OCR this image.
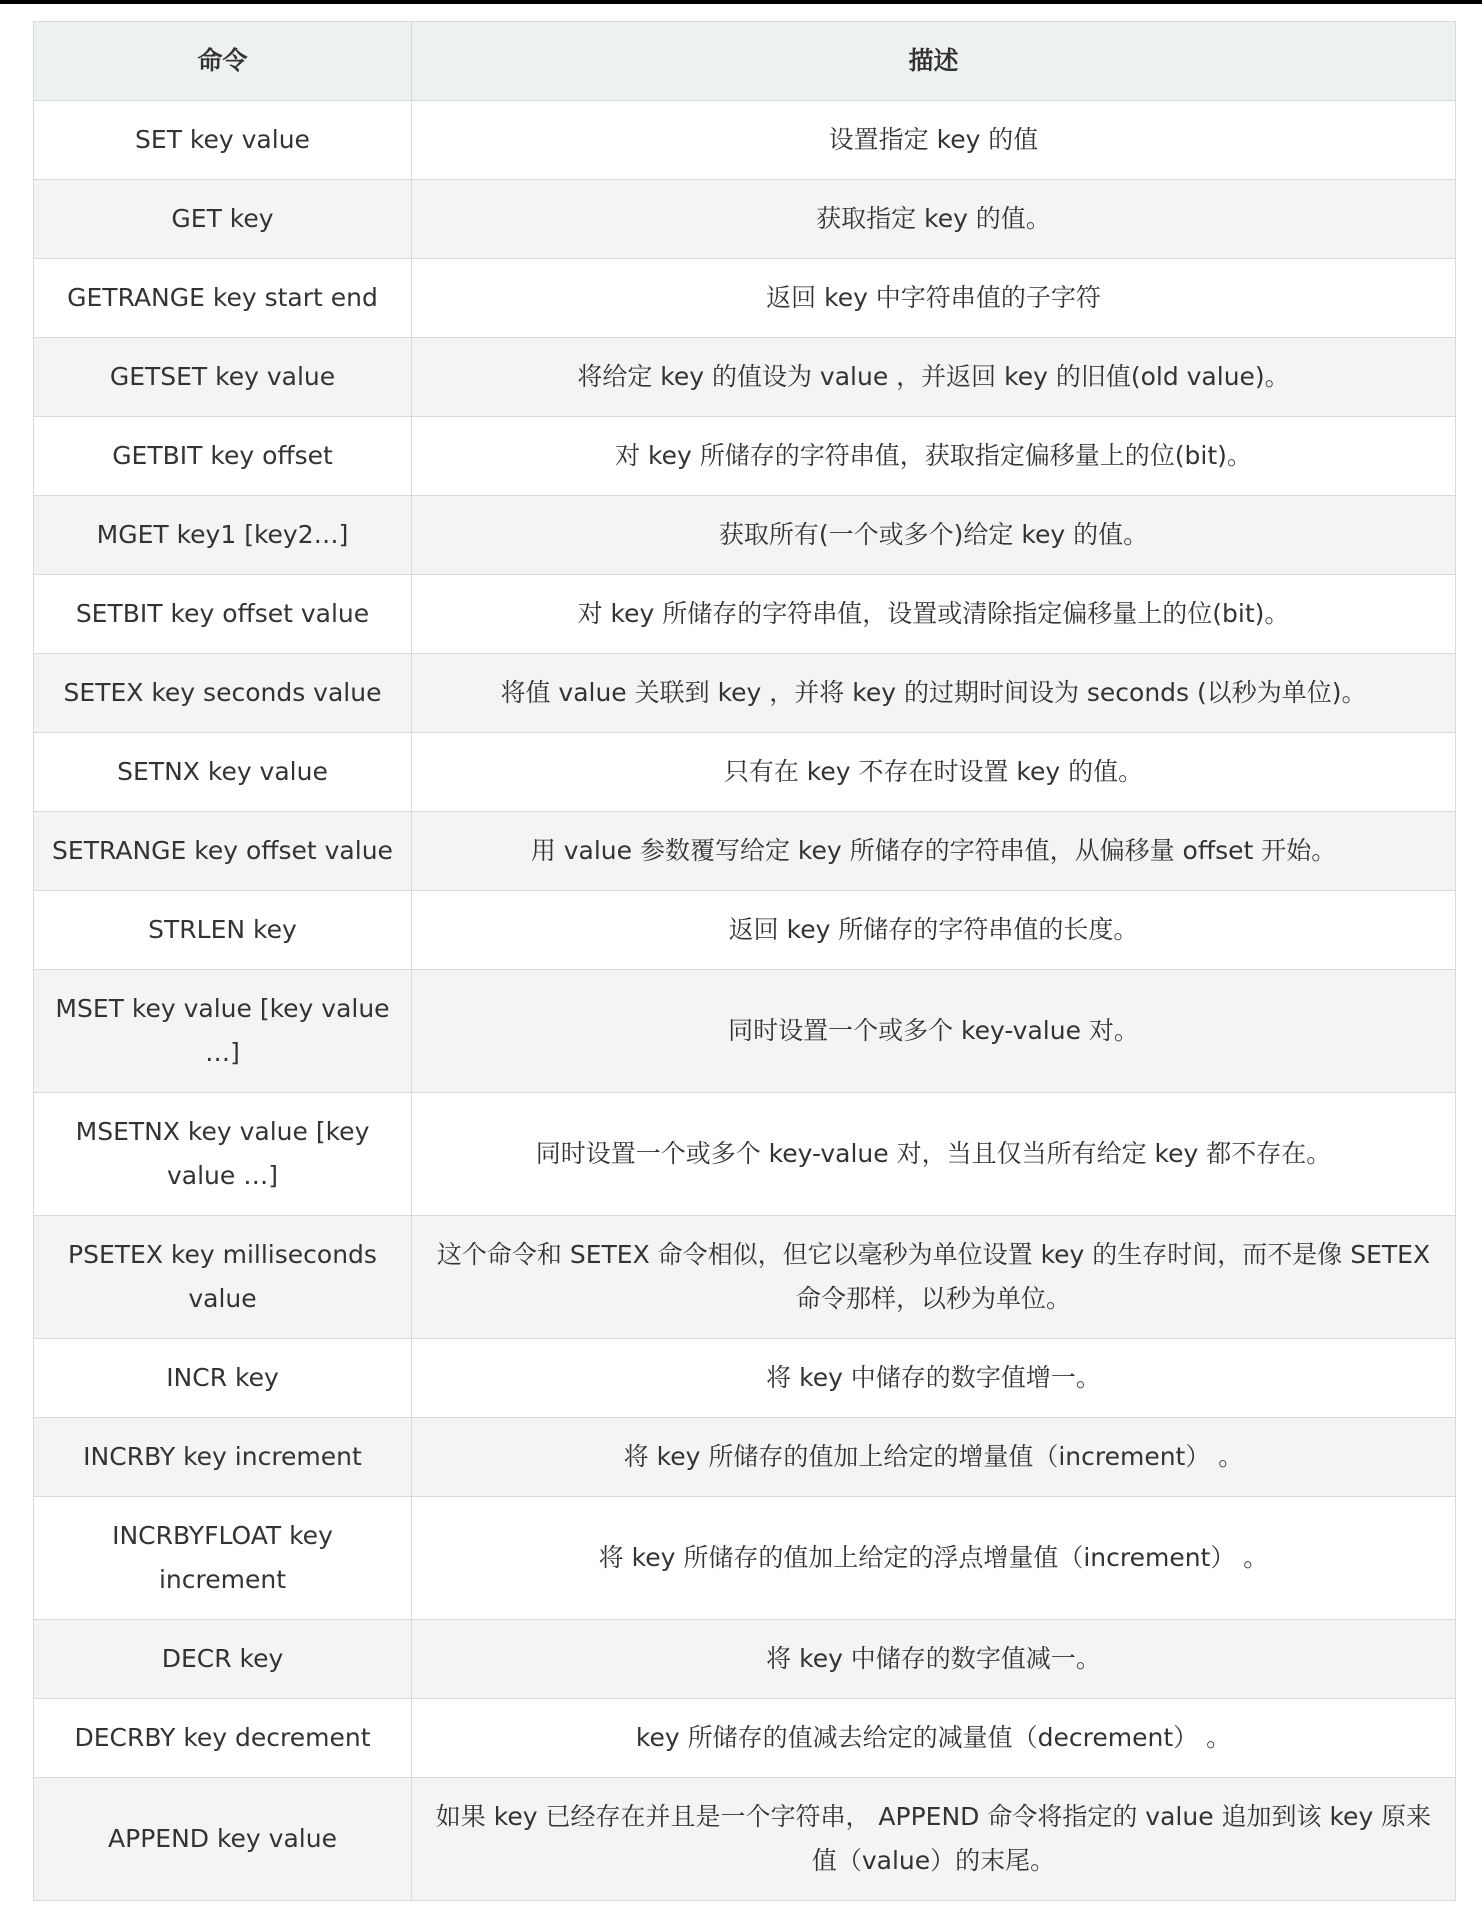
命令	描述
SET key value	设置指定 key 的值
GET key	获取指定 key 的值。
GETRANGE key start end	返回 key 中字符串值的子字符
GETSET key value	将给定 key 的值设为 value ，并返回 key 的旧值(old value)。
GETBIT key offset	对 key 所储存的字符串值，获取指定偏移量上的位(bit)。
MGET key1 [key2…]	获取所有(一个或多个)给定 key 的值。
SETBIT key offset value	对 key 所储存的字符串值，设置或清除指定偏移量上的位(bit)。
SETEX key seconds value	将值 value 关联到 key ，并将 key 的过期时间设为 seconds (以秒为单位)。
SETNX key value	只有在 key 不存在时设置 key 的值。
SETRANGE key offset value	用 value 参数覆写给定 key 所储存的字符串值，从偏移量 offset 开始。
STRLEN key	返回 key 所储存的字符串值的长度。
MSET key value [key value …]	同时设置一个或多个 key-value 对。
MSETNX key value [key value …]	同时设置一个或多个 key-value 对，当且仅当所有给定 key 都不存在。
PSETEX key milliseconds value	这个命令和 SETEX 命令相似，但它以毫秒为单位设置 key 的生存时间，而不是像 SETEX 命令那样，以秒为单位。
INCR key	将 key 中储存的数字值增一。
INCRBY key increment	将 key 所储存的值加上给定的增量值（increment） 。
INCRBYFLOAT key increment	将 key 所储存的值加上给定的浮点增量值（increment） 。
DECR key	将 key 中储存的数字值减一。
DECRBY key decrement	key 所储存的值减去给定的减量值（decrement） 。
APPEND key value	如果 key 已经存在并且是一个字符串， APPEND 命令将指定的 value 追加到该 key 原来值（value）的末尾。
